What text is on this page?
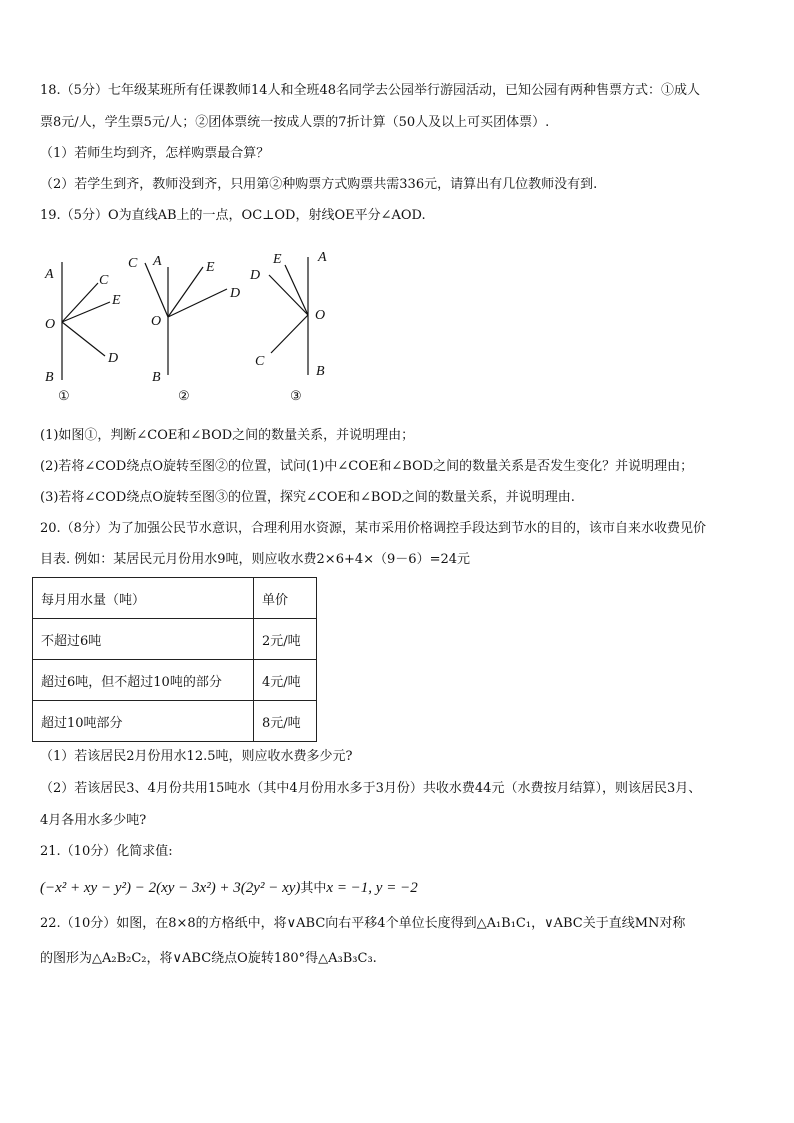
18.（5分）七年级某班所有任课教师14人和全班48名同学去公园举行游园活动，已知公园有两种售票方式：①成人
票8元/人，学生票5元/人；②团体票统一按成人票的7折计算（50人及以上可买团体票）.
（1）若师生均到齐，怎样购票最合算？
（2）若学生到齐，教师没到齐，只用第②种购票方式购票共需336元，请算出有几位教师没有到.
19.（5分）O为直线AB上的一点，OC⊥OD，射线OE平分∠AOD.
A
O
B
C
E
D
①
C A	E
D
O
B
②
A
E
D
O
C
B
③
(1)如图①，判断∠COE和∠BOD之间的数量关系，并说明理由；
(2)若将∠COD绕点O旋转至图②的位置，试问(1)中∠COE和∠BOD之间的数量关系是否发生变化？并说明理由；
(3)若将∠COD绕点O旋转至图③的位置，探究∠COE和∠BOD之间的数量关系，并说明理由.
20.（8分）为了加强公民节水意识，合理利用水资源，某市采用价格调控手段达到节水的目的，该市自来水收费见价
目表. 例如：某居民元月份用水9吨，则应收水费2×6+4×（9－6）=24元
每月用水量（吨）	单价
不超过6吨	2元/吨
超过6吨，但不超过10吨的部分	4元/吨
超过10吨部分	8元/吨
（1）若该居民2月份用水12.5吨，则应收水费多少元?
（2）若该居民3、4月份共用15吨水（其中4月份用水多于3月份）共收水费44元（水费按月结算），则该居民3月、
4月各用水多少吨?
21.（10分）化简求值:
(−x² + xy − y²) − 2(xy − 3x²) + 3(2y² − xy)其中x = −1, y = −2
22.（10分）如图，在8×8的方格纸中，将∨ABC向右平移4个单位长度得到△A₁B₁C₁，∨ABC关于直线MN对称
的图形为△A₂B₂C₂，将∨ABC绕点O旋转180°得△A₃B₃C₃.
